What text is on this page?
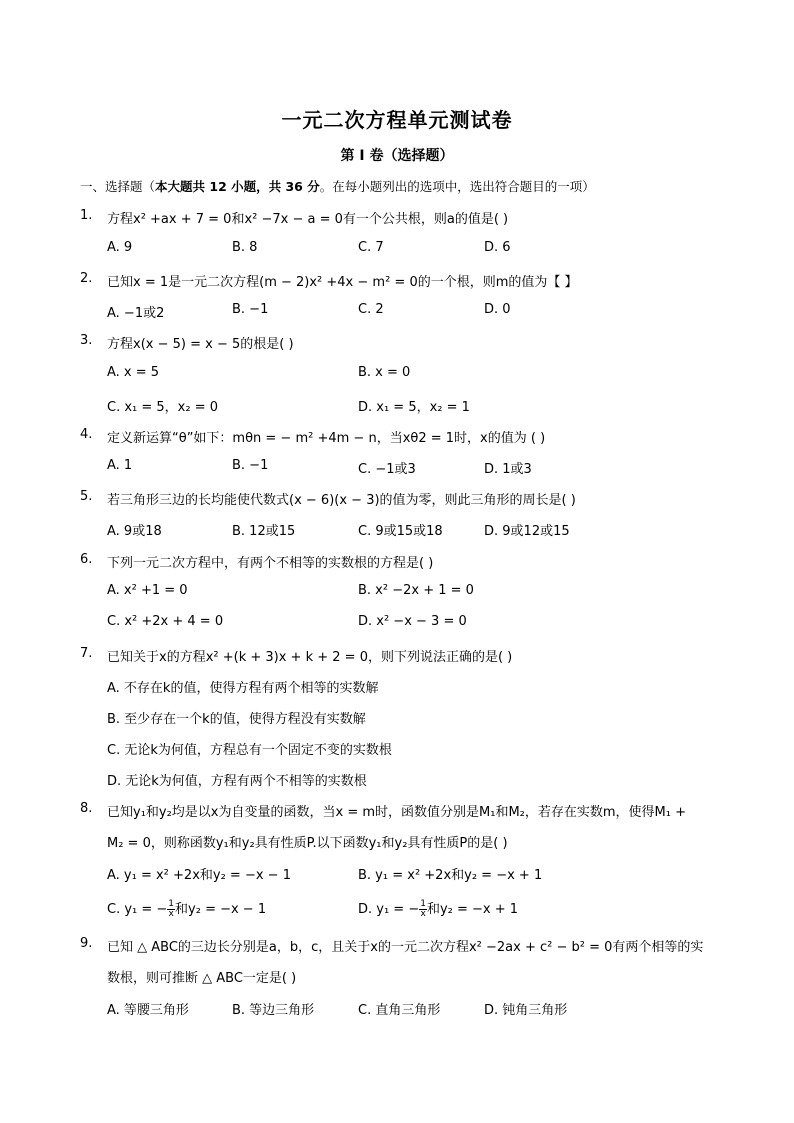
一元二次方程单元测试卷
第 I 卷（选择题）
一、选择题（本大题共 12 小题，共 36 分。在每小题列出的选项中，选出符合题目的一项）
1. 方程x² +ax + 7 = 0和x² −7x − a = 0有一个公共根，则a的值是( )
A. 9	B. 8	C. 7	D. 6
2. 已知x = 1是一元二次方程(m − 2)x² +4x − m² = 0的一个根，则m的值为【 】
A. −1或2	B. −1	C. 2	D. 0
3. 方程x(x − 5) = x − 5的根是( )
A. x = 5	B. x = 0
C. x₁ = 5，x₂ = 0	D. x₁ = 5，x₂ = 1
4. 定义新运算“θ”如下：mθn = − m² +4m − n，当xθ2 = 1时，x的值为 ( )
A. 1	B. −1	C. −1或3	D. 1或3
5. 若三角形三边的长均能使代数式(x − 6)(x − 3)的值为零，则此三角形的周长是( )
A. 9或18	B. 12或15	C. 9或15或18	D. 9或12或15
6. 下列一元二次方程中，有两个不相等的实数根的方程是( )
A. x² +1 = 0	B. x² −2x + 1 = 0
C. x² +2x + 4 = 0	D. x² −x − 3 = 0
7. 已知关于x的方程x² +(k + 3)x + k + 2 = 0，则下列说法正确的是( )
A. 不存在k的值，使得方程有两个相等的实数解
B. 至少存在一个k的值，使得方程没有实数解
C. 无论k为何值，方程总有一个固定不变的实数根
D. 无论k为何值，方程有两个不相等的实数根
8. 已知y₁和y₂均是以x为自变量的函数，当x = m时，函数值分别是M₁和M₂，若存在实数m，使得M₁ +
M₂ = 0，则称函数y₁和y₂具有性质P.以下函数y₁和y₂具有性质P的是( )
A. y₁ = x² +2x和y₂ = −x − 1	B. y₁ = x² +2x和y₂ = −x + 1
C. y₁ = − $\frac{1}{x}$ 和y₂ = −x − 1	D. y₁ = − $\frac{1}{x}$ 和y₂ = −x + 1
9. 已知 △ ABC的三边长分别是a，b，c，且关于x的一元二次方程x² −2ax + c² − b² = 0有两个相等的实
数根，则可推断 △ ABC一定是( )
A. 等腰三角形	B. 等边三角形	C. 直角三角形	D. 钝角三角形
